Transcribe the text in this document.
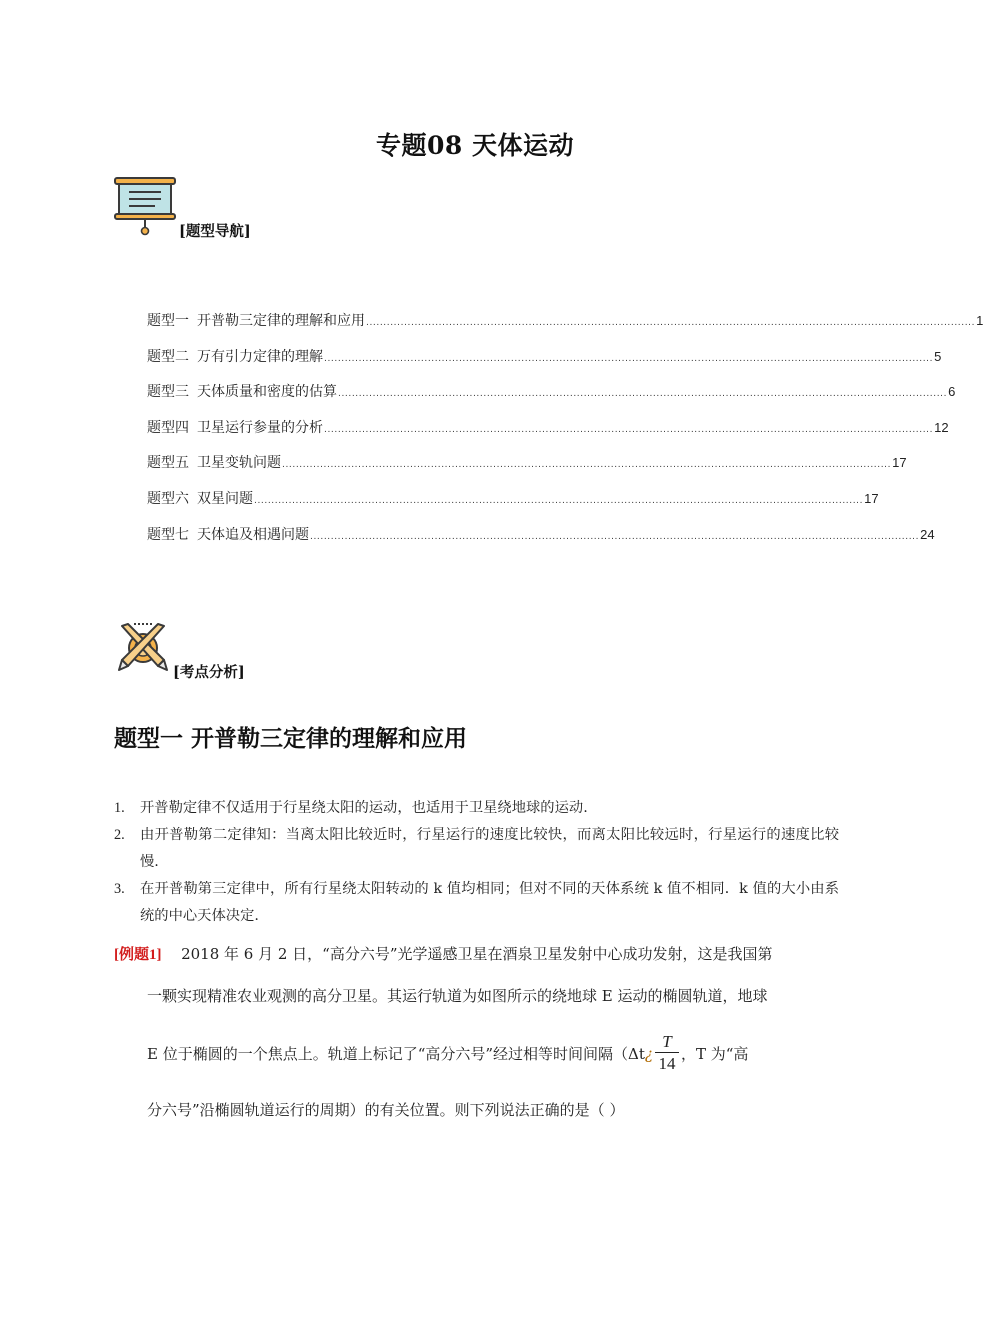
专题08 天体运动
[题型导航]
题型一 开普勒三定律的理解和应用 ................................................................................................................................................................................ 1
题型二 万有引力定律的理解 ................................................................................................................................................................................ 5
题型三 天体质量和密度的估算 ................................................................................................................................................................................ 6
题型四 卫星运行参量的分析 ................................................................................................................................................................................ 12
题型五 卫星变轨问题 ................................................................................................................................................................................ 17
题型六 双星问题 ................................................................................................................................................................................ 17
题型七 天体追及相遇问题 ................................................................................................................................................................................ 24
[考点分析]
题型一 开普勒三定律的理解和应用
1.	开普勒定律不仅适用于行星绕太阳的运动，也适用于卫星绕地球的运动.
2.	由开普勒第二定律知：当离太阳比较近时，行星运行的速度比较快，而离太阳比较远时，行星运行的速度比较慢.
3.	在开普勒第三定律中，所有行星绕太阳转动的 k 值均相同；但对不同的天体系统 k 值不相同．k 值的大小由系统的中心天体决定.
[例题1] 2018 年 6 月 2 日，“高分六号”光学遥感卫星在酒泉卫星发射中心成功发射，这是我国第
一颗实现精准农业观测的高分卫星。其运行轨道为如图所示的绕地球 E 运动的椭圆轨道，地球
E 位于椭圆的一个焦点上。轨道上标记了“高分六号”经过相等时间间隔（Δt ¿ $\frac{T}{14}$ ，T 为“高
分六号”沿椭圆轨道运行的周期）的有关位置。则下列说法正确的是（ ）
